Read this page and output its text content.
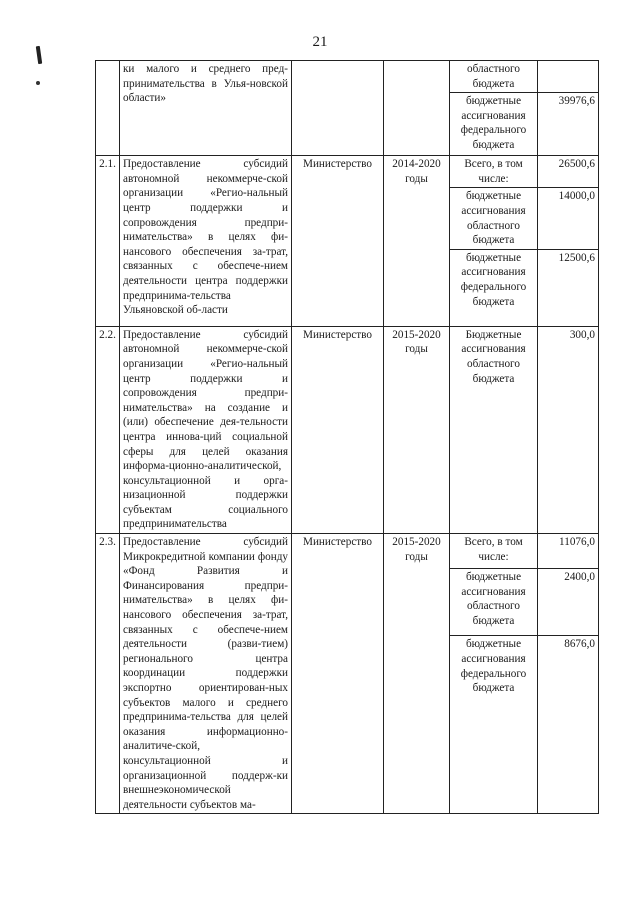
21
	ки малого и среднего пред-принимательства в Улья-новской области»			областного бюджета	
				бюджетные ассигнования федерального бюджета	39976,6
2.1.	Предоставление субсидий автономной некоммерче-ской организации «Регио-нальный центр поддержки и сопровождения предпри-нимательства» в целях фи-нансового обеспечения за-трат, связанных с обеспече-нием деятельности центра поддержки предпринима-тельства Ульяновской об-ласти	Министерство	2014-2020 годы	Всего, в том числе:	26500,6
				бюджетные ассигнования областного бюджета	14000,0
				бюджетные ассигнования федерального бюджета	12500,6
2.2.	Предоставление субсидий автономной некоммерче-ской организации «Регио-нальный центр поддержки и сопровождения предпри-нимательства» на создание и (или) обеспечение дея-тельности центра иннова-ций социальной сферы для целей оказания информа-ционно-аналитической, консультационной и орга-низационной поддержки субъектам социального предпринимательства	Министерство	2015-2020 годы	Бюджетные ассигнования областного бюджета	300,0
2.3.	Предоставление субсидий Микрокредитной компании фонду «Фонд Развития и Финансирования предпри-нимательства» в целях фи-нансового обеспечения за-трат, связанных с обеспече-нием деятельности (разви-тием) регионального центра координации поддержки экспортно ориентирован-ных субъектов малого и среднего предпринима-тельства для целей оказания информационно-аналитиче-ской, консультационной и организационной поддерж-ки внешнеэкономической деятельности субъектов ма-	Министерство	2015-2020 годы	Всего, в том числе:	11076,0
				бюджетные ассигнования областного бюджета	2400,0
				бюджетные ассигнования федерального бюджета	8676,0
